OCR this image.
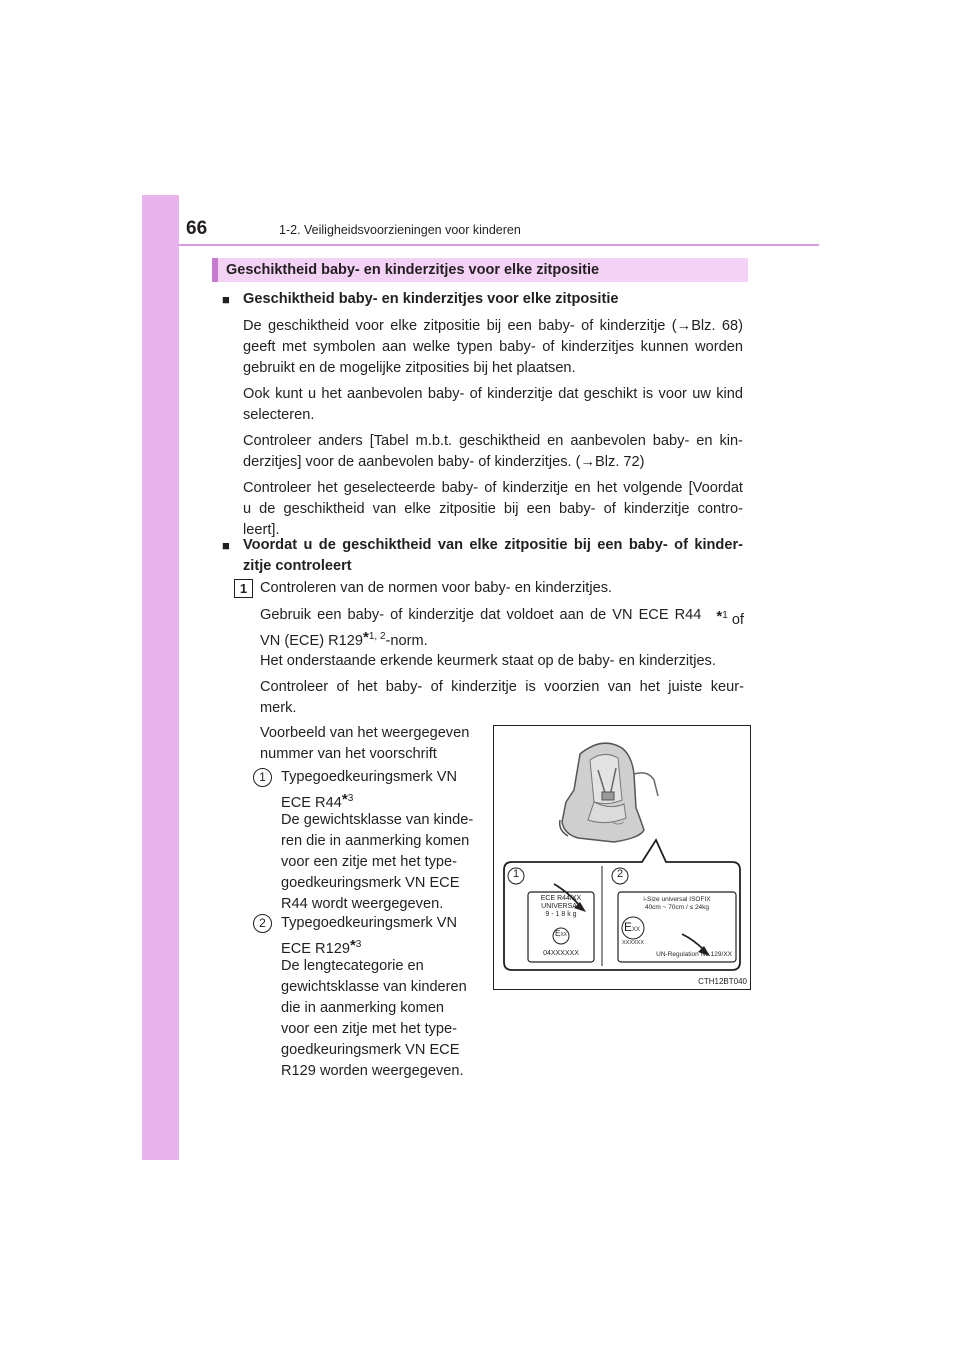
66	1-2. Veiligheidsvoorzieningen voor kinderen
Geschiktheid baby- en kinderzitjes voor elke zitpositie
■ Geschiktheid baby- en kinderzitjes voor elke zitpositie
De geschiktheid voor elke zitpositie bij een baby- of kinderzitje (→Blz. 68)
geeft met symbolen aan welke typen baby- of kinderzitjes kunnen worden
gebruikt en de mogelijke zitposities bij het plaatsen.
Ook kunt u het aanbevolen baby- of kinderzitje dat geschikt is voor uw kind
selecteren.
Controleer anders [Tabel m.b.t. geschiktheid en aanbevolen baby- en kin-
derzitjes] voor de aanbevolen baby- of kinderzitjes. (→Blz. 72)
Controleer het geselecteerde baby- of kinderzitje en het volgende [Voordat
u de geschiktheid van elke zitpositie bij een baby- of kinderzitje contro-
leert].
■ Voordat u de geschiktheid van elke zitpositie bij een baby- of kinder-
zitje controleert
1 Controleren van de normen voor baby- en kinderzitjes.
Gebruik een baby- of kinderzitje dat voldoet aan de VN ECE R44 *$^1$ of
VN (ECE) R129*$^{1, 2}$-norm.
Het onderstaande erkende keurmerk staat op de baby- en kinderzitjes.
Controleer of het baby- of kinderzitje is voorzien van het juiste keur-
merk.
Voorbeeld van het weergegeven
nummer van het voorschrift
1	Typegoedkeuringsmerk VN
ECE R44*$^3$
De gewichtsklasse van kinde-
ren die in aanmerking komen
voor een zitje met het type-
goedkeuringsmerk VN ECE
R44 wordt weergegeven.
2	Typegoedkeuringsmerk VN
ECE R129*$^3$
De lengtecategorie en
gewichtsklasse van kinderen
die in aanmerking komen
voor een zitje met het type-
goedkeuringsmerk VN ECE
R129 worden weergegeven.
1	2
ECE R44/XX
UNIVERSAL
9 - 1 8 k g
EXX
04XXXXXX
i-Size universal ISOFIX
40cm ~ 70cm / ≤ 24kg
EXX
XXXXXX
UN-Regulation No.129/XX
CTH12BT040
